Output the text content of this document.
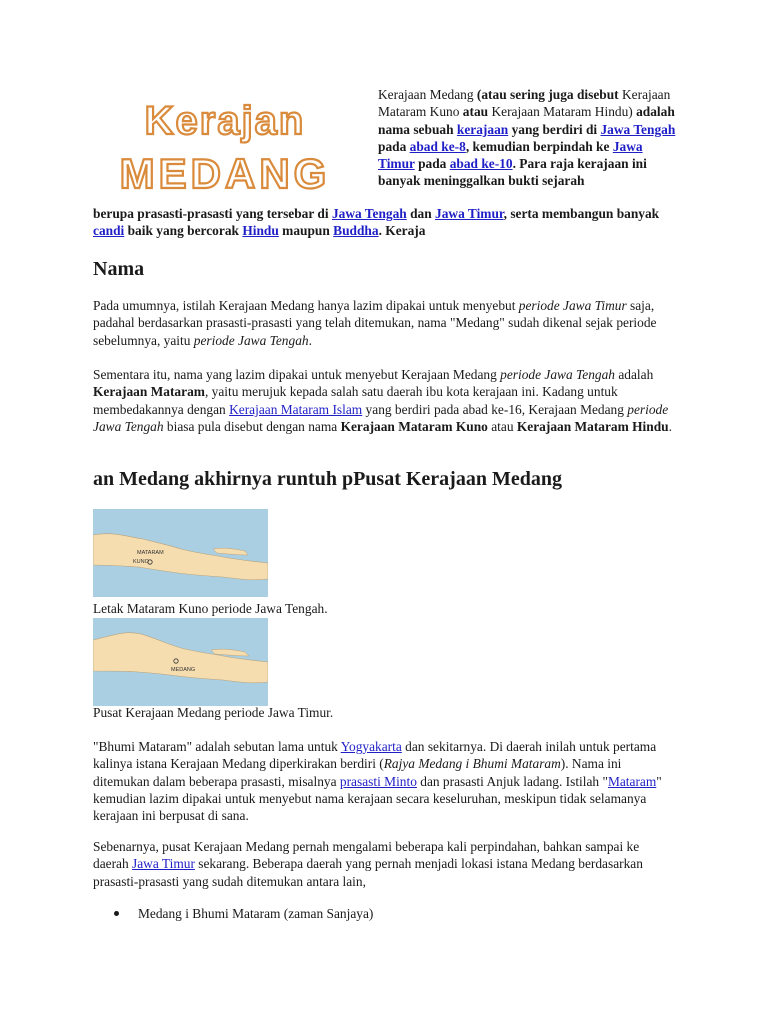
Kerajan
MEDANG
Kerajaan Medang (atau sering juga disebut Kerajaan Mataram Kuno atau Kerajaan Mataram Hindu) adalah nama sebuah kerajaan yang berdiri di Jawa Tengah pada abad ke-8, kemudian berpindah ke Jawa Timur pada abad ke-10. Para raja kerajaan ini banyak meninggalkan bukti sejarah
berupa prasasti-prasasti yang tersebar di Jawa Tengah dan Jawa Timur, serta membangun banyak candi baik yang bercorak Hindu maupun Buddha. Keraja
Nama
Pada umumnya, istilah Kerajaan Medang hanya lazim dipakai untuk menyebut periode Jawa Timur saja, padahal berdasarkan prasasti-prasasti yang telah ditemukan, nama "Medang" sudah dikenal sejak periode sebelumnya, yaitu periode Jawa Tengah.
Sementara itu, nama yang lazim dipakai untuk menyebut Kerajaan Medang periode Jawa Tengah adalah Kerajaan Mataram, yaitu merujuk kepada salah satu daerah ibu kota kerajaan ini. Kadang untuk membedakannya dengan Kerajaan Mataram Islam yang berdiri pada abad ke-16, Kerajaan Medang periode Jawa Tengah biasa pula disebut dengan nama Kerajaan Mataram Kuno atau Kerajaan Mataram Hindu.
an Medang akhirnya runtuh pPusat Kerajaan Medang
MATARAM
KUNO
Letak Mataram Kuno periode Jawa Tengah.
MEDANG
Pusat Kerajaan Medang periode Jawa Timur.
"Bhumi Mataram" adalah sebutan lama untuk Yogyakarta dan sekitarnya. Di daerah inilah untuk pertama kalinya istana Kerajaan Medang diperkirakan berdiri (Rajya Medang i Bhumi Mataram). Nama ini ditemukan dalam beberapa prasasti, misalnya prasasti Minto dan prasasti Anjuk ladang. Istilah "Mataram" kemudian lazim dipakai untuk menyebut nama kerajaan secara keseluruhan, meskipun tidak selamanya kerajaan ini berpusat di sana.
Sebenarnya, pusat Kerajaan Medang pernah mengalami beberapa kali perpindahan, bahkan sampai ke daerah Jawa Timur sekarang. Beberapa daerah yang pernah menjadi lokasi istana Medang berdasarkan prasasti-prasasti yang sudah ditemukan antara lain,
Medang i Bhumi Mataram (zaman Sanjaya)
